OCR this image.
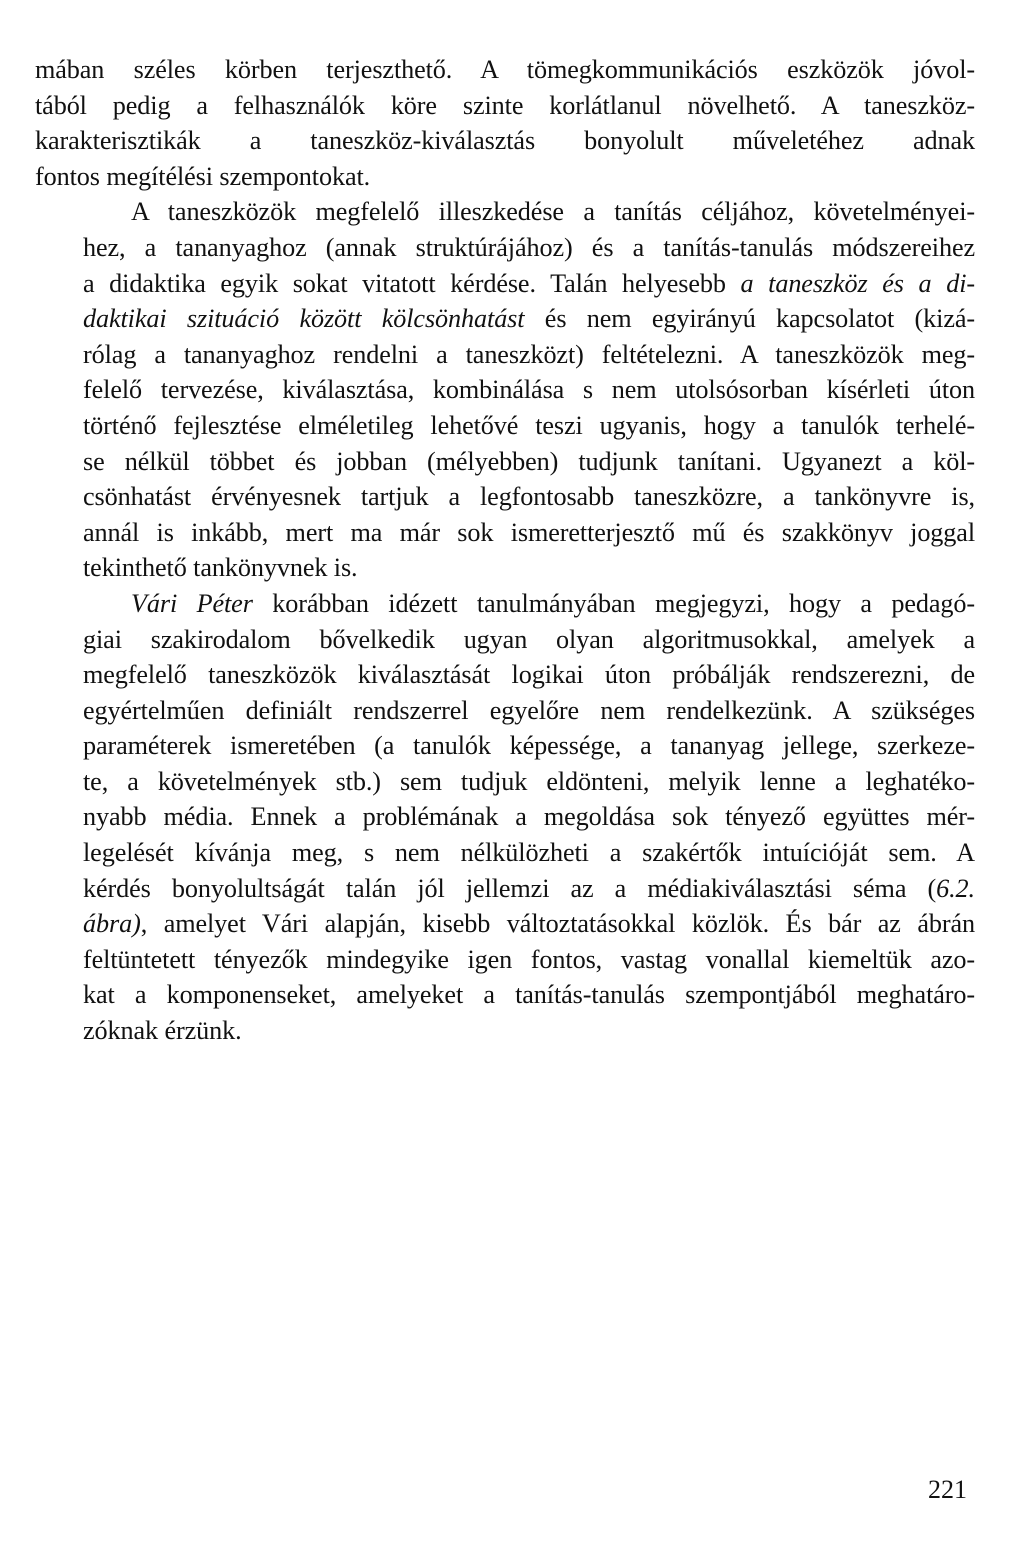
mában széles körben terjeszthető. A tömegkommunikációs eszközök jóvol-
tából pedig a felhasználók köre szinte korlátlanul növelhető. A taneszköz-
karakterisztikák a taneszköz-kiválasztás bonyolult műveletéhez adnak
fontos megítélési szempontokat.
A taneszközök megfelelő illeszkedése a tanítás céljához, követelményei-
hez, a tananyaghoz (annak struktúrájához) és a tanítás-tanulás módszereihez
a didaktika egyik sokat vitatott kérdése. Talán helyesebb a taneszköz és a di-
daktikai szituáció között kölcsönhatást és nem egyirányú kapcsolatot (kizá-
rólag a tananyaghoz rendelni a taneszközt) feltételezni. A taneszközök meg-
felelő tervezése, kiválasztása, kombinálása s nem utolsósorban kísérleti úton
történő fejlesztése elméletileg lehetővé teszi ugyanis, hogy a tanulók terhelé-
se nélkül többet és jobban (mélyebben) tudjunk tanítani. Ugyanezt a köl-
csönhatást érvényesnek tartjuk a legfontosabb taneszközre, a tankönyvre is,
annál is inkább, mert ma már sok ismeretterjesztő mű és szakkönyv joggal
tekinthető tankönyvnek is.
Vári Péter korábban idézett tanulmányában megjegyzi, hogy a pedagó-
giai szakirodalom bővelkedik ugyan olyan algoritmusokkal, amelyek a
megfelelő taneszközök kiválasztását logikai úton próbálják rendszerezni, de
egyértelműen definiált rendszerrel egyelőre nem rendelkezünk. A szükséges
paraméterek ismeretében (a tanulók képessége, a tananyag jellege, szerkeze-
te, a követelmények stb.) sem tudjuk eldönteni, melyik lenne a leghatéko-
nyabb média. Ennek a problémának a megoldása sok tényező együttes mér-
legelését kívánja meg, s nem nélkülözheti a szakértők intuícióját sem. A
kérdés bonyolultságát talán jól jellemzi az a médiakiválasztási séma (6.2.
ábra), amelyet Vári alapján, kisebb változtatásokkal közlök. És bár az ábrán
feltüntetett tényezők mindegyike igen fontos, vastag vonallal kiemeltük azo-
kat a komponenseket, amelyeket a tanítás-tanulás szempontjából meghatáro-
zóknak érzünk.
221
